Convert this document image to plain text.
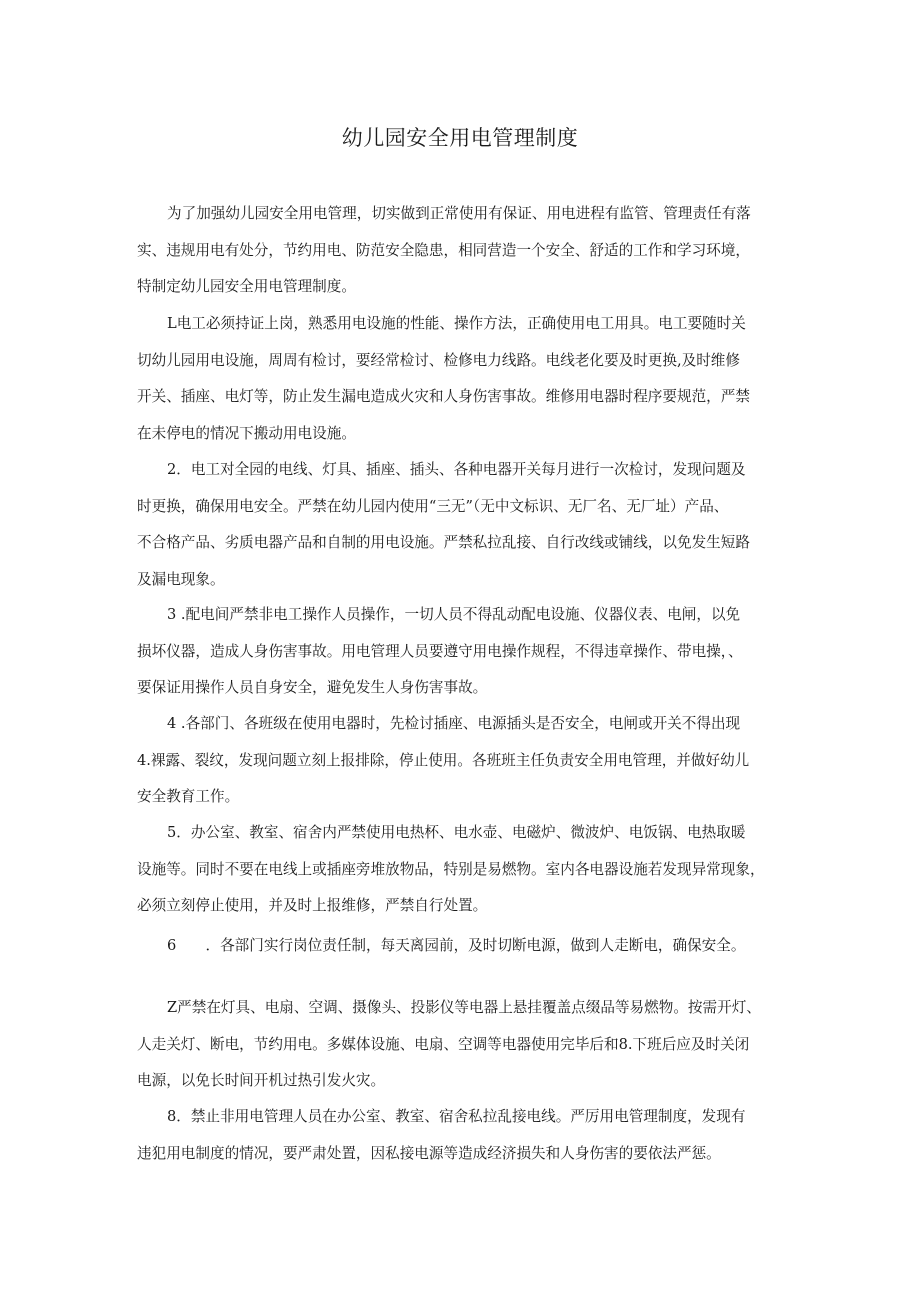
幼儿园安全用电管理制度

为了加强幼儿园安全用电管理，切实做到正常使用有保证、用电进程有监管、管理责任有落
实、违规用电有处分，节约用电、防范安全隐患，相同营造一个安全、舒适的工作和学习环境，
特制定幼儿园安全用电管理制度。

L电工必须持证上岗，熟悉用电设施的性能、操作方法，正确使用电工用具。电工要随时关
切幼儿园用电设施，周周有检讨，要经常检讨、检修电力线路。电线老化要及时更换,及时维修
开关、插座、电灯等，防止发生漏电造成火灾和人身伤害事故。维修用电器时程序要规范，严禁
在未停电的情况下搬动用电设施。

2．电工对全园的电线、灯具、插座、插头、各种电器开关每月进行一次检讨，发现问题及
时更换，确保用电安全。严禁在幼儿园内使用“三无”（无中文标识、无厂名、无厂址）产品、
不合格产品、劣质电器产品和自制的用电设施。严禁私拉乱接、自行改线或铺线，以免发生短路
及漏电现象。

3 .配电间严禁非电工操作人员操作，一切人员不得乱动配电设施、仪器仪表、电闸，以免
损坏仪器，造成人身伤害事故。用电管理人员要遵守用电操作规程，不得违章操作、带电操，、
要保证用操作人员自身安全，避免发生人身伤害事故。

4 .各部门、各班级在使用电器时，先检讨插座、电源插头是否安全，电闸或开关不得出现
4.裸露、裂纹，发现问题立刻上报排除，停止使用。各班班主任负责安全用电管理，并做好幼儿
安全教育工作。

5．办公室、教室、宿舍内严禁使用电热杯、电水壶、电磁炉、微波炉、电饭锅、电热取暖
设施等。同时不要在电线上或插座旁堆放物品，特别是易燃物。室内各电器设施若发现异常现象，
必须立刻停止使用，并及时上报维修，严禁自行处置。

6　　．各部门实行岗位责任制，每天离园前，及时切断电源，做到人走断电，确保安全。

Z严禁在灯具、电扇、空调、摄像头、投影仪等电器上悬挂覆盖点缀品等易燃物。按需开灯、
人走关灯、断电，节约用电。多媒体设施、电扇、空调等电器使用完毕后和8.下班后应及时关闭
电源，以免长时间开机过热引发火灾。

8．禁止非用电管理人员在办公室、教室、宿舍私拉乱接电线。严厉用电管理制度，发现有
违犯用电制度的情况，要严肃处置，因私接电源等造成经济损失和人身伤害的要依法严惩。
